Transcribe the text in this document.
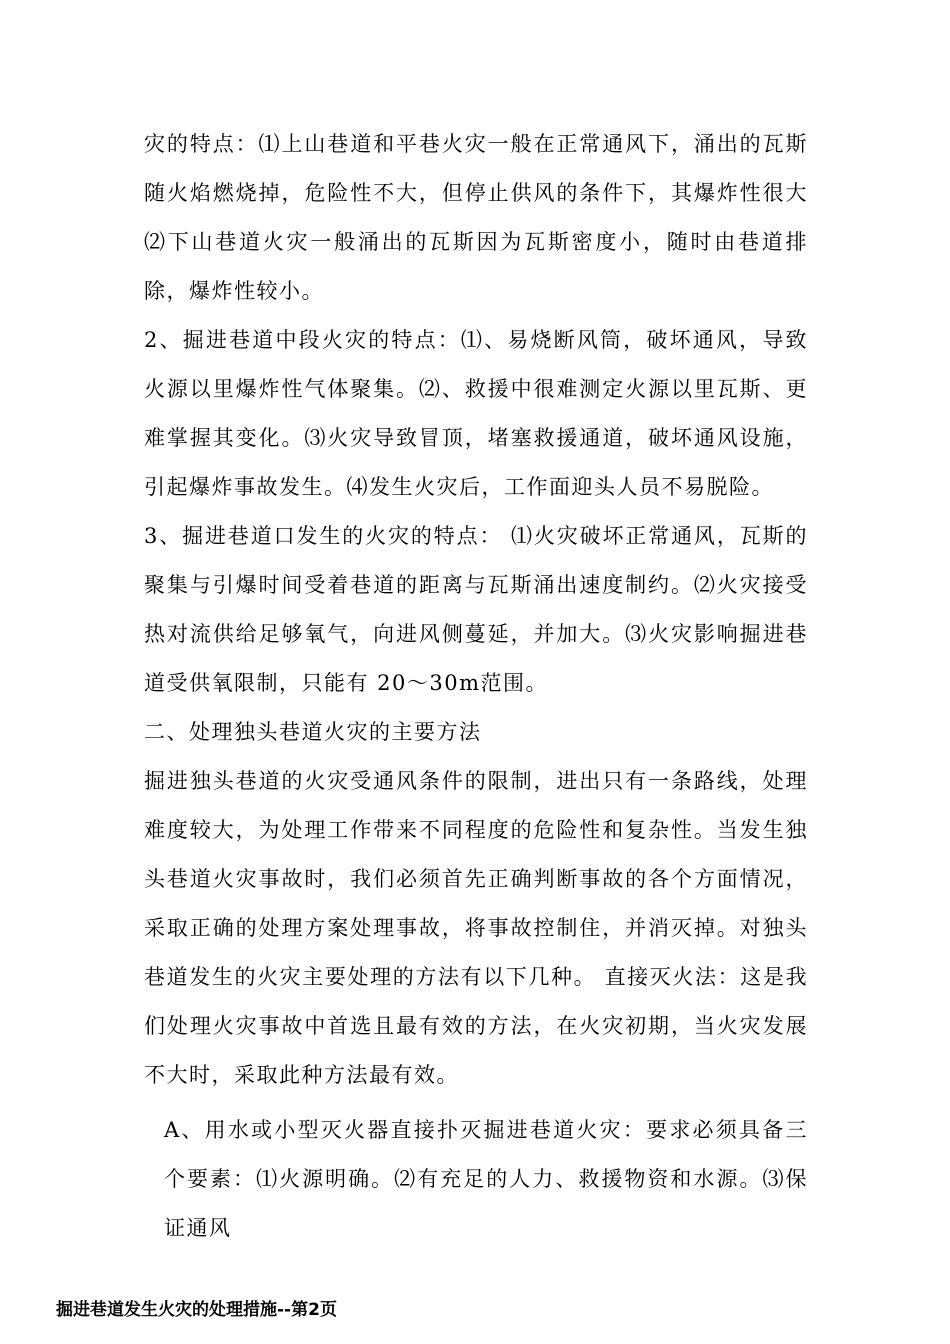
灾的特点：⑴上山巷道和平巷火灾一般在正常通风下，涌出的瓦斯随火焰燃烧掉，危险性不大，但停止供风的条件下，其爆炸性很大⑵下山巷道火灾一般涌出的瓦斯因为瓦斯密度小，随时由巷道排除，爆炸性较小。

2、掘进巷道中段火灾的特点：⑴、易烧断风筒，破坏通风，导致火源以里爆炸性气体聚集。⑵、救援中很难测定火源以里瓦斯、更难掌握其变化。⑶火灾导致冒顶，堵塞救援通道，破坏通风设施，引起爆炸事故发生。⑷发生火灾后，工作面迎头人员不易脱险。

3、掘进巷道口发生的火灾的特点： ⑴火灾破坏正常通风，瓦斯的聚集与引爆时间受着巷道的距离与瓦斯涌出速度制约。⑵火灾接受热对流供给足够氧气，向进风侧蔓延，并加大。⑶火灾影响掘进巷道受供氧限制，只能有 20～30m范围。

二、处理独头巷道火灾的主要方法

掘进独头巷道的火灾受通风条件的限制，进出只有一条路线，处理难度较大，为处理工作带来不同程度的危险性和复杂性。当发生独头巷道火灾事故时，我们必须首先正确判断事故的各个方面情况，采取正确的处理方案处理事故，将事故控制住，并消灭掉。对独头巷道发生的火灾主要处理的方法有以下几种。 直接灭火法：这是我们处理火灾事故中首选且最有效的方法，在火灾初期，当火灾发展不大时，采取此种方法最有效。

A、用水或小型灭火器直接扑灭掘进巷道火灾：要求必须具备三个要素：⑴火源明确。⑵有充足的人力、救援物资和水源。⑶保证通风

掘进巷道发生火灾的处理措施--第2页
